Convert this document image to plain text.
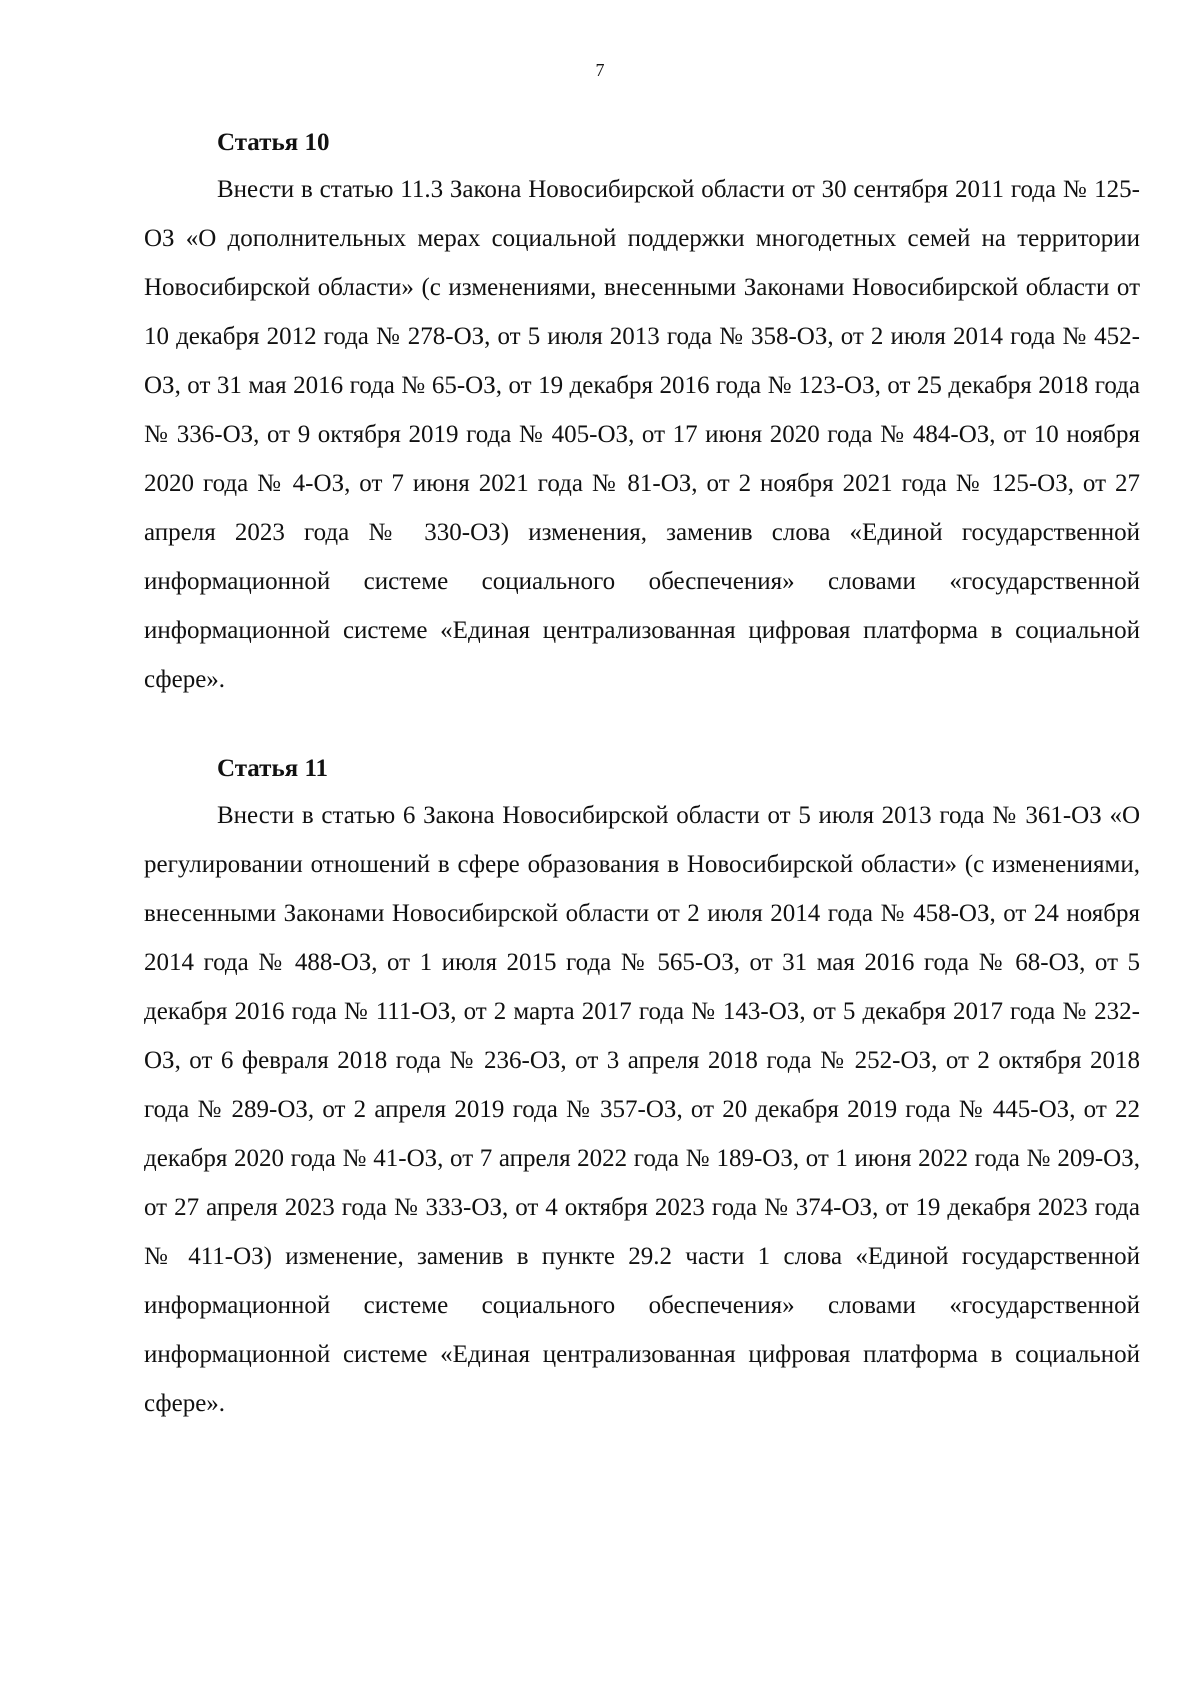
7
Статья 10

Внести в статью 11.3 Закона Новосибирской области от 30 сентября 2011 года № 125-ОЗ «О дополнительных мерах социальной поддержки многодетных семей на территории Новосибирской области» (с изменениями, внесенными Законами Новосибирской области от 10 декабря 2012 года № 278-ОЗ, от 5 июля 2013 года № 358-ОЗ, от 2 июля 2014 года № 452-ОЗ, от 31 мая 2016 года № 65-ОЗ, от 19 декабря 2016 года № 123-ОЗ, от 25 декабря 2018 года № 336-ОЗ, от 9 октября 2019 года № 405-ОЗ, от 17 июня 2020 года № 484-ОЗ, от 10 ноября 2020 года № 4-ОЗ, от 7 июня 2021 года № 81-ОЗ, от 2 ноября 2021 года № 125-ОЗ, от 27 апреля 2023 года № 330-ОЗ) изменения, заменив слова «Единой государственной информационной системе социального обеспечения» словами «государственной информационной системе «Единая централизованная цифровая платформа в социальной сфере».

Статья 11

Внести в статью 6 Закона Новосибирской области от 5 июля 2013 года № 361-ОЗ «О регулировании отношений в сфере образования в Новосибирской области» (с изменениями, внесенными Законами Новосибирской области от 2 июля 2014 года № 458-ОЗ, от 24 ноября 2014 года № 488-ОЗ, от 1 июля 2015 года № 565-ОЗ, от 31 мая 2016 года № 68-ОЗ, от 5 декабря 2016 года № 111-ОЗ, от 2 марта 2017 года № 143-ОЗ, от 5 декабря 2017 года № 232-ОЗ, от 6 февраля 2018 года № 236-ОЗ, от 3 апреля 2018 года № 252-ОЗ, от 2 октября 2018 года № 289-ОЗ, от 2 апреля 2019 года № 357-ОЗ, от 20 декабря 2019 года № 445-ОЗ, от 22 декабря 2020 года № 41-ОЗ, от 7 апреля 2022 года № 189-ОЗ, от 1 июня 2022 года № 209-ОЗ, от 27 апреля 2023 года № 333-ОЗ, от 4 октября 2023 года № 374-ОЗ, от 19 декабря 2023 года № 411-ОЗ) изменение, заменив в пункте 29.2 части 1 слова «Единой государственной информационной системе социального обеспечения» словами «государственной информационной системе «Единая централизованная цифровая платформа в социальной сфере».
